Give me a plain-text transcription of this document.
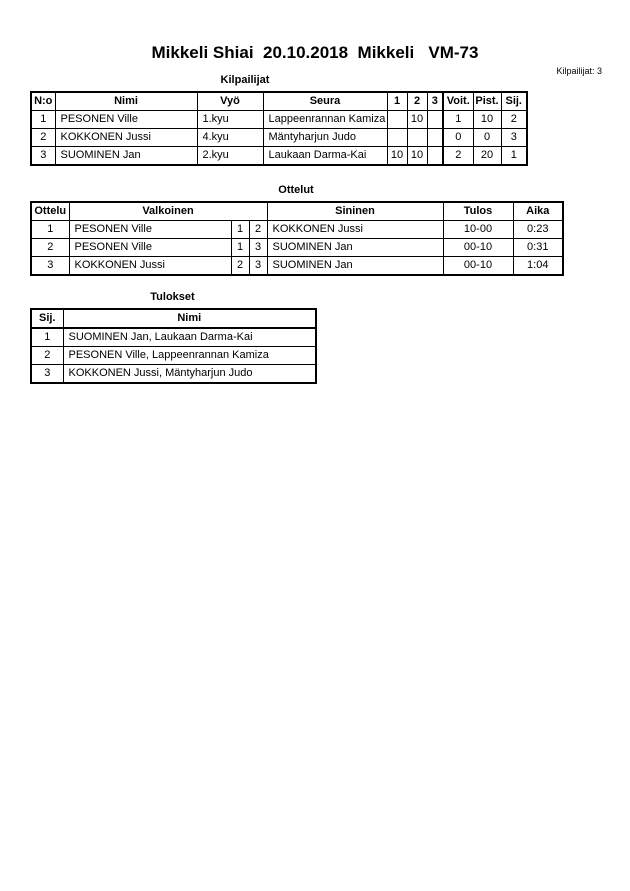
Mikkeli Shiai  20.10.2018  Mikkeli   VM-73
Kilpailijat: 3
Kilpailijat
N:o	Nimi	Vyö	Seura	1	2	3	Voit.	Pist.	Sij.
1	PESONEN Ville	1.kyu	Lappeenrannan Kamiza		10		1	10	2
2	KOKKONEN Jussi	4.kyu	Mäntyharjun Judo				0	0	3
3	SUOMINEN Jan	2.kyu	Laukaan Darma-Kai	10	10		2	20	1
Ottelut
Ottelu	Valkoinen			Sininen	Tulos	Aika
1	PESONEN Ville	1	2	KOKKONEN Jussi	10-00	0:23
2	PESONEN Ville	1	3	SUOMINEN Jan	00-10	0:31
3	KOKKONEN Jussi	2	3	SUOMINEN Jan	00-10	1:04
Tulokset
Sij.	Nimi
1	SUOMINEN Jan, Laukaan Darma-Kai
2	PESONEN Ville, Lappeenrannan Kamiza
3	KOKKONEN Jussi, Mäntyharjun Judo
